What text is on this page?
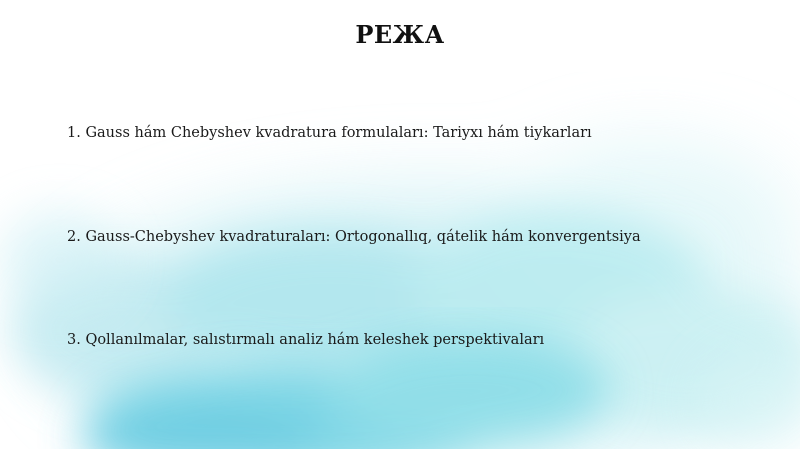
РЕЖА
1. Gauss hám Chebyshev kvadratura formulaları: Tariyxı hám tiykarları
2. Gauss-Chebyshev kvadraturaları: Ortogonallıq, qátelik hám konvergentsiya
3. Qollanılmalar, salıstırmalı analiz hám keleshek perspektivaları
